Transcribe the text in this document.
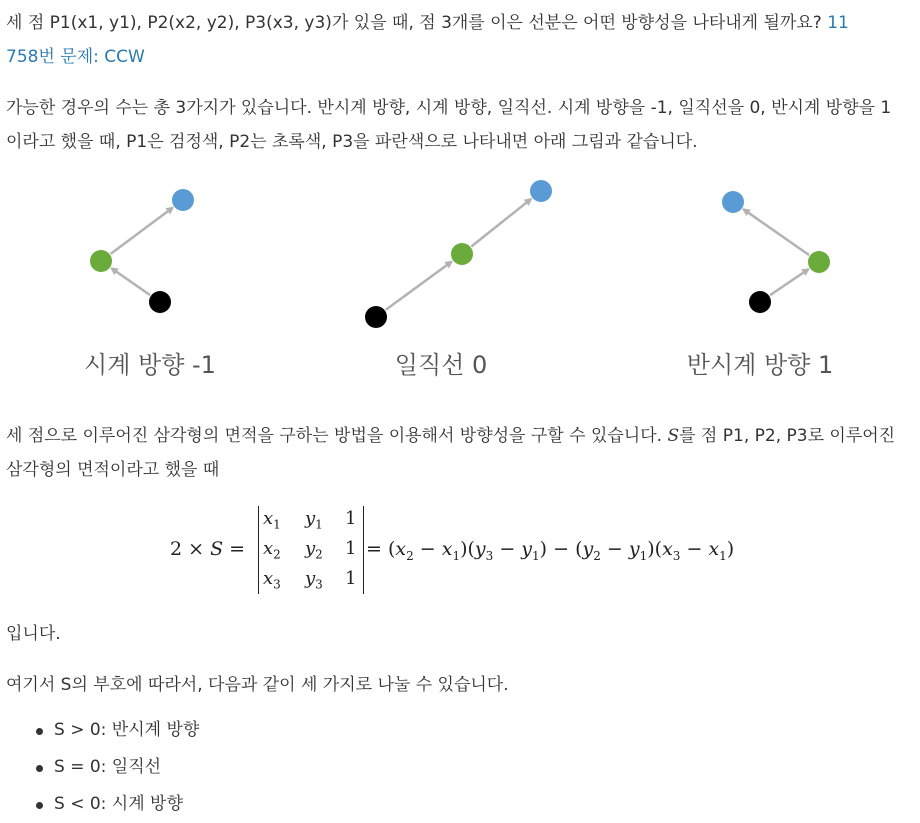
세 점 P1(x1, y1), P2(x2, y2), P3(x3, y3)가 있을 때, 점 3개를 이은 선분은 어떤 방향성을 나타내게 될까요? 11
758번 문제: CCW

가능한 경우의 수는 총 3가지가 있습니다. 반시계 방향, 시계 방향, 일직선. 시계 방향을 -1, 일직선을 0, 반시계 방향을 1이라고 했을 때, P1은 검정색, P2는 초록색, P3을 파란색으로 나타내면 아래 그림과 같습니다.

시계 방향 -1	일직선 0	반시계 방향 1

세 점으로 이루어진 삼각형의 면적을 구하는 방법을 이용해서 방향성을 구할 수 있습니다. S를 점 P1, P2, P3로 이루어진 삼각형의 면적이라고 했을 때

2 × S =
$x_1$ $y_1$ 1
$x_2$ $y_2$ 1
$x_3$ $y_3$ 1
= $(x_2 - x_1)(y_3 - y_1) - (y_2 - y_1)(x_3 - x_1)$

입니다.

여기서 S의 부호에 따라서, 다음과 같이 세 가지로 나눌 수 있습니다.

S > 0: 반시계 방향
S = 0: 일직선
S < 0: 시계 방향
